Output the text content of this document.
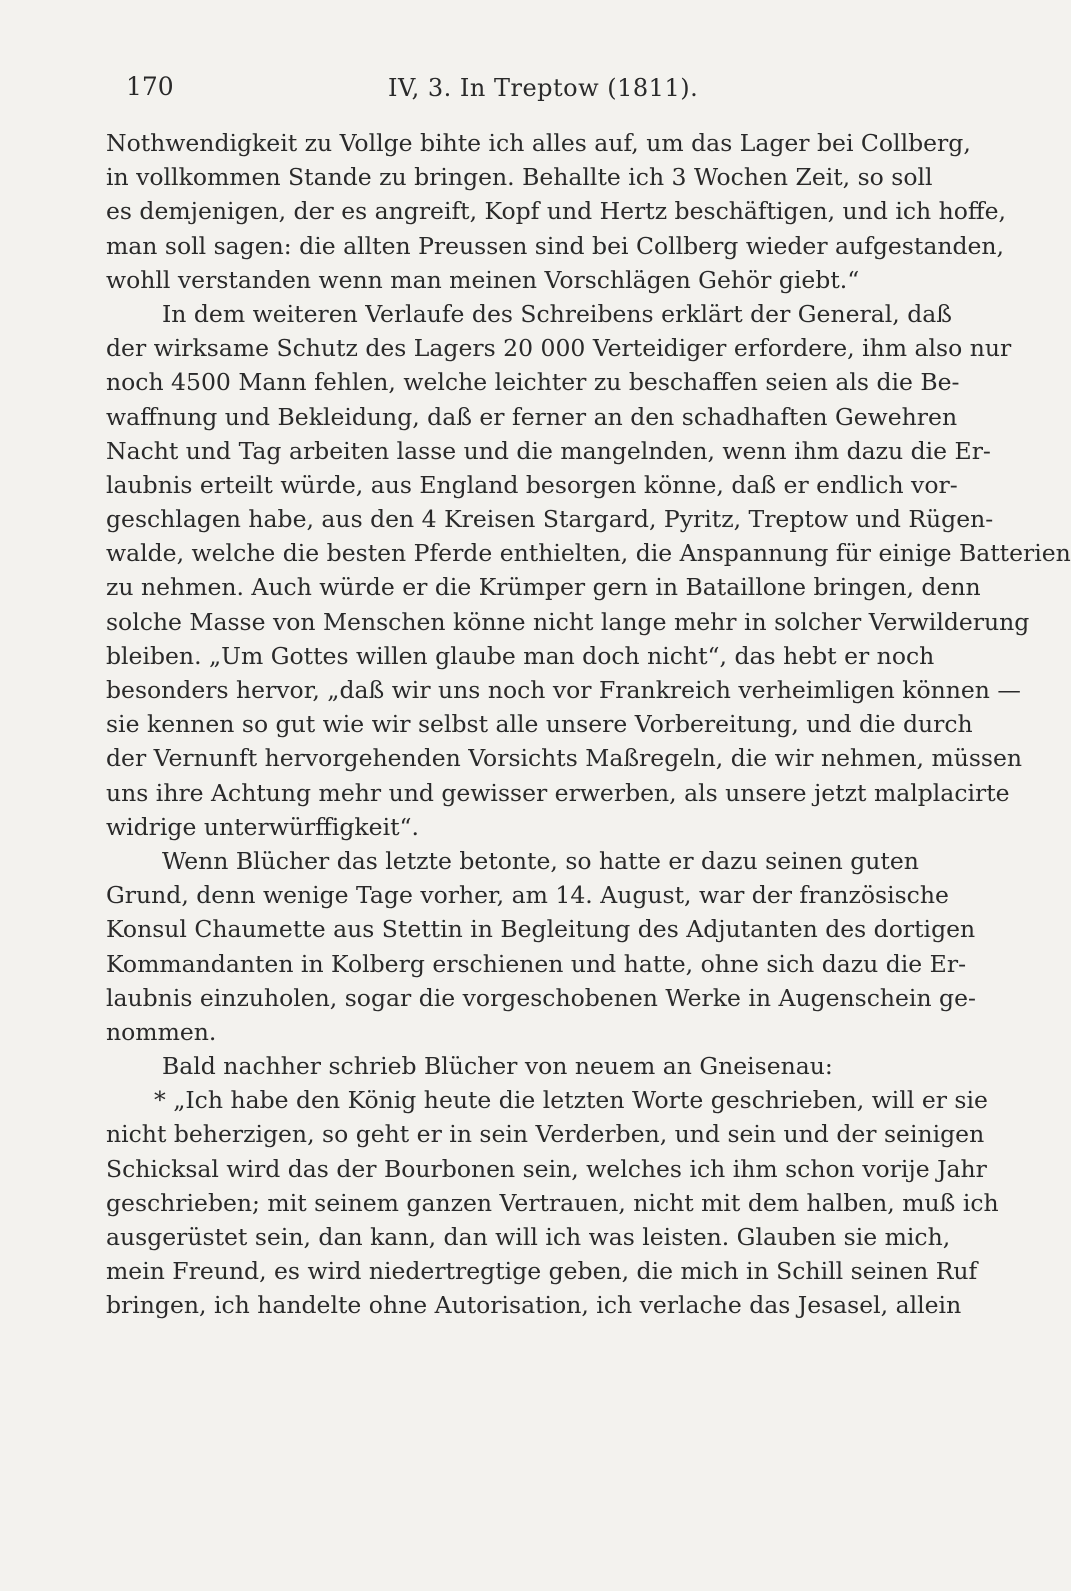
170	IV, 3. In Treptow (1811).
Nothwendigkeit zu Vollge bihte ich alles auf, um das Lager bei Collberg,
in vollkommen Stande zu bringen. Behallte ich 3 Wochen Zeit, so soll
es demjenigen, der es angreift, Kopf und Hertz beschäftigen, und ich hoffe,
man soll sagen: die allten Preussen sind bei Collberg wieder aufgestanden,
wohll verstanden wenn man meinen Vorschlägen Gehör giebt.“
In dem weiteren Verlaufe des Schreibens erklärt der General, daß
der wirksame Schutz des Lagers 20 000 Verteidiger erfordere, ihm also nur
noch 4500 Mann fehlen, welche leichter zu beschaffen seien als die Be-
waffnung und Bekleidung, daß er ferner an den schadhaften Gewehren
Nacht und Tag arbeiten lasse und die mangelnden, wenn ihm dazu die Er-
laubnis erteilt würde, aus England besorgen könne, daß er endlich vor-
geschlagen habe, aus den 4 Kreisen Stargard, Pyritz, Treptow und Rügen-
walde, welche die besten Pferde enthielten, die Anspannung für einige Batterien
zu nehmen. Auch würde er die Krümper gern in Bataillone bringen, denn
solche Masse von Menschen könne nicht lange mehr in solcher Verwilderung
bleiben. „Um Gottes willen glaube man doch nicht“, das hebt er noch
besonders hervor, „daß wir uns noch vor Frankreich verheimligen können —
sie kennen so gut wie wir selbst alle unsere Vorbereitung, und die durch
der Vernunft hervorgehenden Vorsichts Maßregeln, die wir nehmen, müssen
uns ihre Achtung mehr und gewisser erwerben, als unsere jetzt malplacirte
widrige unterwürffigkeit“.
Wenn Blücher das letzte betonte, so hatte er dazu seinen guten
Grund, denn wenige Tage vorher, am 14. August, war der französische
Konsul Chaumette aus Stettin in Begleitung des Adjutanten des dortigen
Kommandanten in Kolberg erschienen und hatte, ohne sich dazu die Er-
laubnis einzuholen, sogar die vorgeschobenen Werke in Augenschein ge-
nommen.
Bald nachher schrieb Blücher von neuem an Gneisenau:
* „Ich habe den König heute die letzten Worte geschrieben, will er sie
nicht beherzigen, so geht er in sein Verderben, und sein und der seinigen
Schicksal wird das der Bourbonen sein, welches ich ihm schon vorije Jahr
geschrieben; mit seinem ganzen Vertrauen, nicht mit dem halben, muß ich
ausgerüstet sein, dan kann, dan will ich was leisten. Glauben sie mich,
mein Freund, es wird niedertregtige geben, die mich in Schill seinen Ruf
bringen, ich handelte ohne Autorisation, ich verlache das Jesasel, allein
